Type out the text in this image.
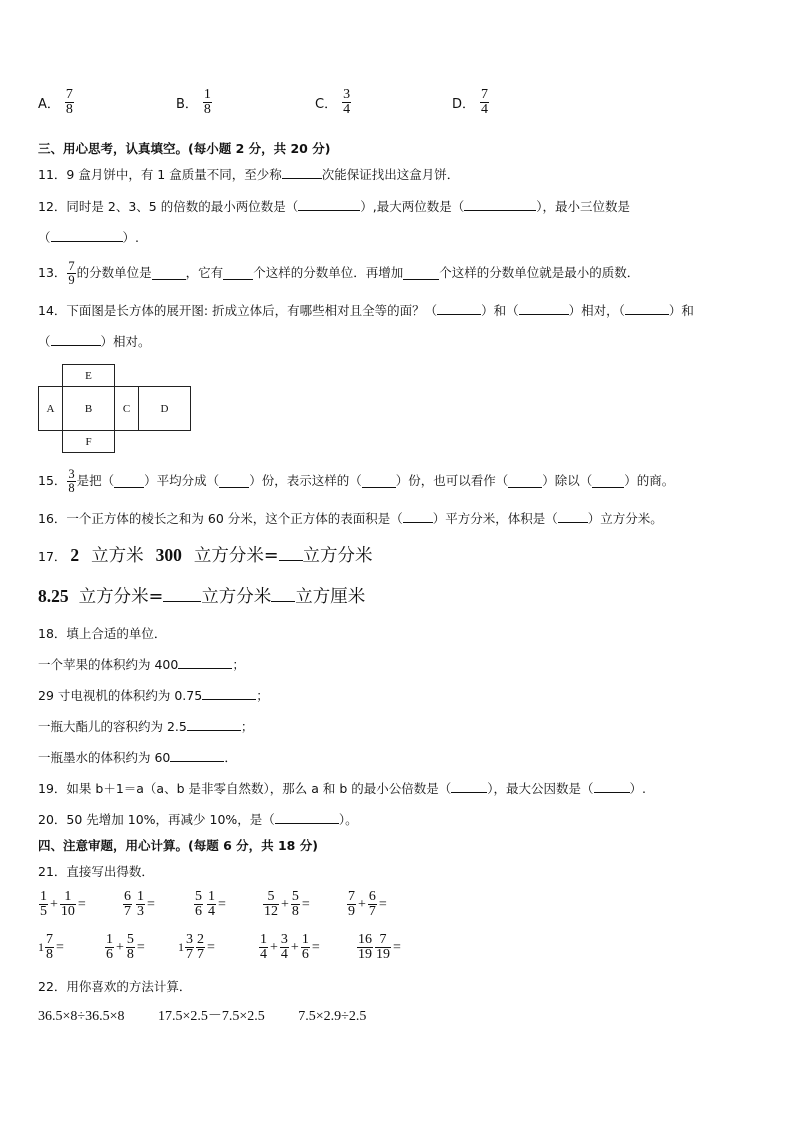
A． $\frac{7}{8}$	B． $\frac{1}{8}$	C． $\frac{3}{4}$	D． $\frac{7}{4}$
三、用心思考，认真填空。(每小题 2 分，共 20 分)
11．9 盒月饼中，有 1 盒质量不同，至少称	次能保证找出这盒月饼．
12．同时是 2、3、5 的倍数的最小两位数是（	）,最大两位数是（	），最小三位数是
（	）.
13． $\frac{7}{9}$ 的分数单位是	，它有 个这样的分数单位．再增加	个这样的分数单位就是最小的质数．
14．下面图是长方体的展开图: 折成立体后，有哪些相对且全等的面？（	）和（	）相对，（	）和
（	）相对。
E
A	B	C	D
F
15． $\frac{3}{8}$ 是把（ ）平均分成（ ）份，表示这样的（	）份，也可以看作（	）除以（	）的商。
16．一个正方体的棱长之和为 60 分米，这个正方体的表面积是（ ）平方分米，体积是（ ）立方分米。
17． 2 立方米 300 立方分米= 立方分米
8.25 立方分米= 立方分米 立方厘米
18．填上合适的单位．
一个苹果的体积约为 400	；
29 寸电视机的体积约为 0.75	；
一瓶大酯儿的容积约为 2.5	；
一瓶墨水的体积约为 60	．
19．如果 b＋1＝a（a、b 是非零自然数），那么 a 和 b 的最小公倍数是（	），最大公因数是（	）.
20．50 先增加 10%，再减少 10%，是（	）。
四、注意审题，用心计算。(每题 6 分，共 18 分)
21．直接写出得数．
$\frac{1}{5} + \frac{1}{10}$ =	$\frac{6}{7} \frac{1}{3}$ =	$\frac{5}{6} \frac{1}{4}$ =	$\frac{5}{12} + \frac{5}{8}$ =	$\frac{7}{9} + \frac{6}{7}$ =
$1 \frac{7}{8}$ =	$\frac{1}{6} + \frac{5}{8}$ =	$1 \frac{3}{7} \frac{2}{7}$ =	$\frac{1}{4} + \frac{3}{4} + \frac{1}{6}$ =	$\frac{16}{19} \frac{7}{19}$ =
22．用你喜欢的方法计算．
36.5×8÷36.5×8 17.5×2.5－7.5×2.5 7.5×2.9÷2.5
